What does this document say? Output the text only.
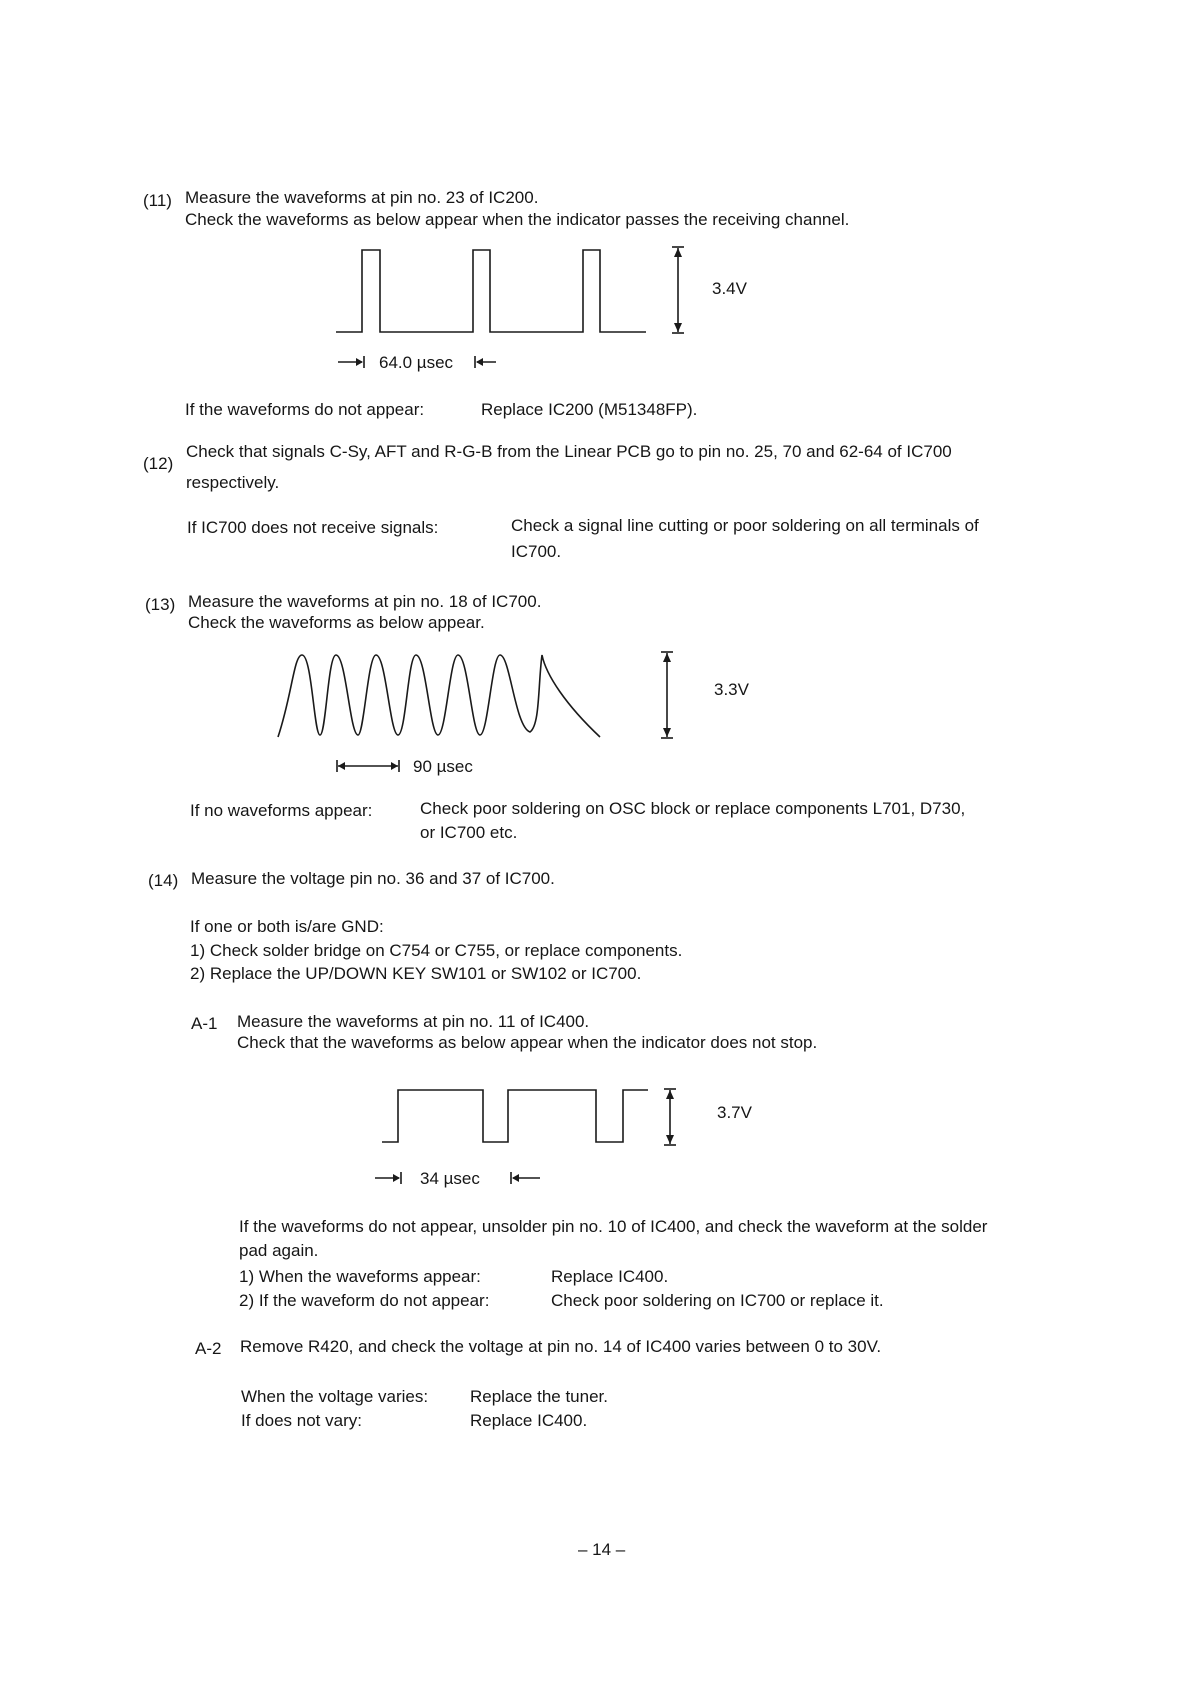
(11) Measure the waveforms at pin no. 23 of IC200.
Check the waveforms as below appear when the indicator passes the receiving channel.
3.4V
64.0 µsec
If the waveforms do not appear:	Replace IC200 (M51348FP).
(12)
Check that signals C-Sy, AFT and R-G-B from the Linear PCB go to pin no. 25, 70 and 62-64 of IC700
respectively.
If IC700 does not receive signals:	Check a signal line cutting or poor soldering on all terminals of
IC700.
(13) Measure the waveforms at pin no. 18 of IC700.
Check the waveforms as below appear.
3.3V
90 µsec
If no waveforms appear:	Check poor soldering on OSC block or replace components L701, D730,
or IC700 etc.
(14) Measure the voltage pin no. 36 and 37 of IC700.
If one or both is/are GND:
1) Check solder bridge on C754 or C755, or replace components.
2) Replace the UP/DOWN KEY SW101 or SW102 or IC700.
A-1 Measure the waveforms at pin no. 11 of IC400.
Check that the waveforms as below appear when the indicator does not stop.
3.7V
34 µsec
If the waveforms do not appear, unsolder pin no. 10 of IC400, and check the waveform at the solder
pad again.
1) When the waveforms appear:	Replace IC400.
2) If the waveform do not appear:	Check poor soldering on IC700 or replace it.
A-2 Remove R420, and check the voltage at pin no. 14 of IC400 varies between 0 to 30V.
When the voltage varies: Replace the tuner.
If does not vary:	Replace IC400.
– 14 –
